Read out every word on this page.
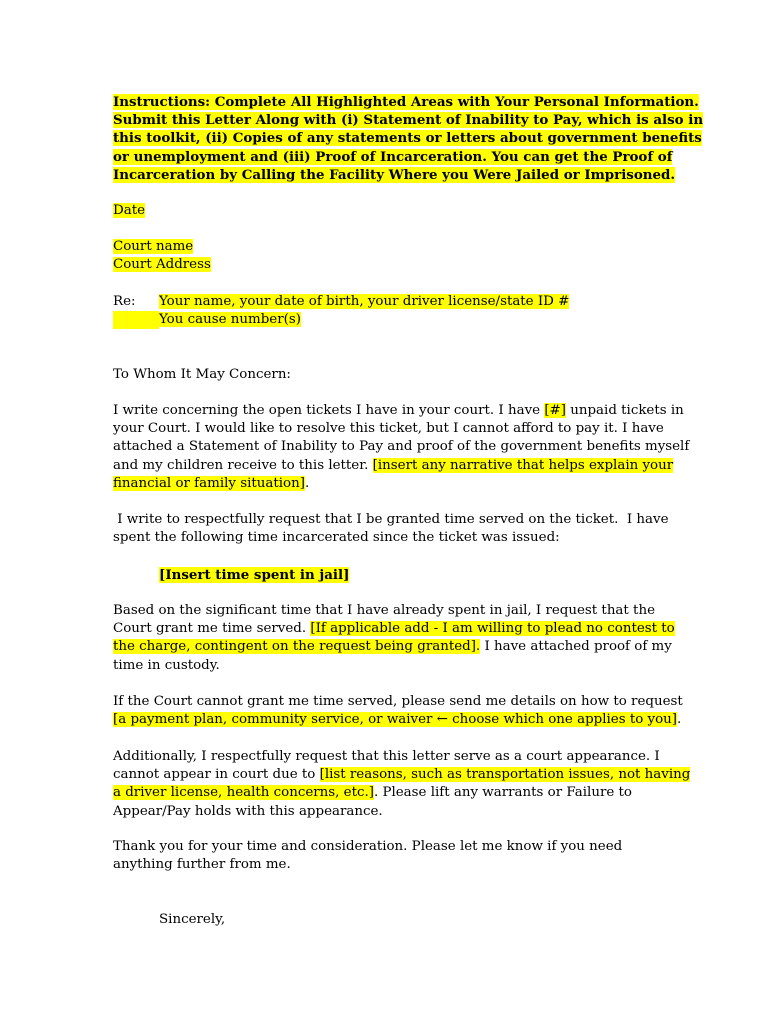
Instructions: Complete All Highlighted Areas with Your Personal Information.
Submit this Letter Along with (i) Statement of Inability to Pay, which is also in
this toolkit, (ii) Copies of any statements or letters about government benefits
or unemployment and (iii) Proof of Incarceration. You can get the Proof of
Incarceration by Calling the Facility Where you Were Jailed or Imprisoned.
Date
Court name
Court Address
Re: Your name, your date of birth, your driver license/state ID #
You cause number(s)
To Whom It May Concern:
I write concerning the open tickets I have in your court. I have [#] unpaid tickets in
your Court. I would like to resolve this ticket, but I cannot afford to pay it. I have
attached a Statement of Inability to Pay and proof of the government benefits myself
and my children receive to this letter. [insert any narrative that helps explain your
financial or family situation].
I write to respectfully request that I be granted time served on the ticket.  I have
spent the following time incarcerated since the ticket was issued:
[Insert time spent in jail]
Based on the significant time that I have already spent in jail, I request that the
Court grant me time served. [If applicable add - I am willing to plead no contest to
the charge, contingent on the request being granted]. I have attached proof of my
time in custody.
If the Court cannot grant me time served, please send me details on how to request
[a payment plan, community service, or waiver ← choose which one applies to you].
Additionally, I respectfully request that this letter serve as a court appearance. I
cannot appear in court due to [list reasons, such as transportation issues, not having
a driver license, health concerns, etc.]. Please lift any warrants or Failure to
Appear/Pay holds with this appearance.
Thank you for your time and consideration. Please let me know if you need
anything further from me.
Sincerely,
